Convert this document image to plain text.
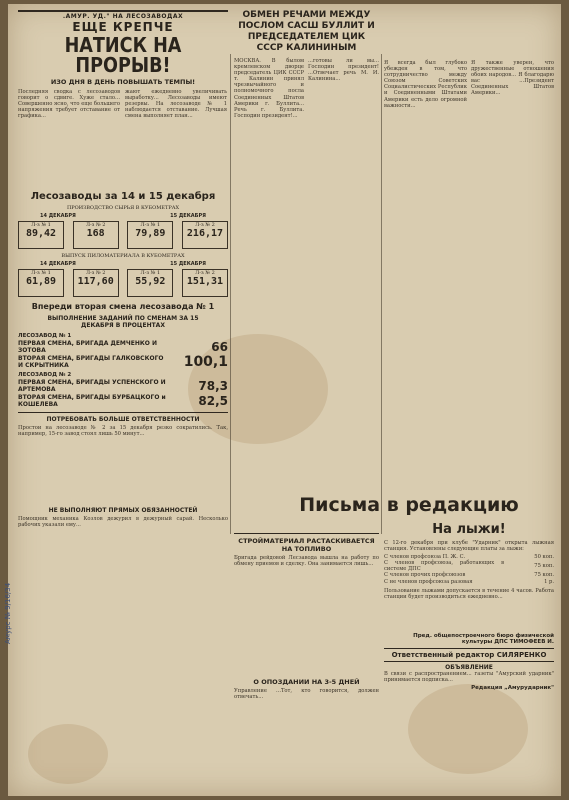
Амурс № 9/16/34
.АМУР. УД." НА ЛЕСОЗАВОДАХ
ЕЩЕ КРЕПЧЕ
НАТИСК НА ПРОРЫВ!
ИЗО ДНЯ В ДЕНЬ ПОВЫШАТЬ ТЕМПЫ!
Последняя сводка с лесозаводов говорит о сдвиге. Хуже стало... Совершенно ясно, что еще большего напряжения требует отставание от графика...
жают ежедневно увеличивать выработку... Лесозаводы имеют резервы. На лесозаводе № 1 наблюдается отставание. Лучшая смена выполняет план...
Лесозаводы за 14 и 15 декабря
ПРОИЗВОДСТВО СЫРЬЯ В КУБОМЕТРАХ
14 ДЕКАБРЯ	15 ДЕКАБРЯ
Л-з № 1
89,42
Л-з № 2
168
Л-з № 1
79,89
Л-з № 2
216,17
ВЫПУСК ПИЛОМАТЕРИАЛА В КУБОМЕТРАХ
14 ДЕКАБРЯ	15 ДЕКАБРЯ
Л-з № 1
61,89
Л-з № 2
117,60
Л-з № 1
55,92
Л-з № 2
151,31
Впереди вторая смена лесозавода № 1
ВЫПОЛНЕНИЕ ЗАДАНИЙ ПО СМЕНАМ ЗА 15 ДЕКАБРЯ В ПРОЦЕНТАХ
ЛЕСОЗАВОД № 1
ПЕРВАЯ СМЕНА, БРИГАДА ДЕМЧЕНКО И ЗОТОВА	66
ВТОРАЯ СМЕНА, БРИГАДЫ ГАЛКОВСКОГО И СКРЫТНИКА	100,1
ЛЕСОЗАВОД № 2
ПЕРВАЯ СМЕНА, БРИГАДЫ УСПЕНСКОГО И АРТЕМОВА	78,3
ВТОРАЯ СМЕНА, БРИГАДЫ БУРБАЦКОГО и КОШЕЛЕВА	82,5
ПОТРЕБОВАТЬ БОЛЬШЕ ОТВЕТСТВЕННОСТИ
Простои на лесозаводе № 2 за 15 декабря резко сократились. Так, например, 15-го завод стоял лишь 50 минут...
НЕ ВЫПОЛНЯЮТ ПРЯМЫХ ОБЯЗАННОСТЕЙ
Помощник механика Козлов дежурил в дежурный сарай. Несколько рабочих указали ему...
ОБМЕН РЕЧАМИ МЕЖДУ ПОСЛОМ САСШ БУЛЛИТ И ПРЕДСЕДАТЕЛЕМ ЦИК СССР КАЛИНИНЫМ
МОСКВА. В былом кремлевском дворце председатель ЦИК СССР т. Калинин принял чрезвычайного и полномочного посла Соединенных Штатов Америки г. Буллита... Речь г. Буллита. Господин президент!...
...готовы ли вы... Господин президент! ...Отвечает речь М. И. Калинина...
СТРОЙМАТЕРИАЛ РАСТАСКИВАЕТСЯ НА ТОПЛИВО
Бригада рейдовой Лесзавода вышла на работу по обмену приемов и сделку. Она занимается лишь...
О ОПОЗДАНИИ НА 3-5 ДНЕЙ
Управление ...Тот, кто говорится, должен отвечать...
Я всегда был глубоко убежден в том, что сотрудничество между Союзом Советских Социалистических Республик и Соединенными Штатами Америки есть дело огромной важности...
Я также уверен, что дружественные отношения обоих народов... Я благодарю вас ...Президент Соединенных Штатов Америки...
Письма в редакцию
На лыжи!
С 12-го декабря при клубе "Ударник" открыта лыжная станция. Установлены следующие платы за лыжи:
С членов профсоюза П. Ж. С.	50 коп.
С членов профсоюза, работающих в системе ДПС
75 коп.
С членов прочих профсоюзов	75 коп.
С не членов профсоюза разовая	1 р.
Пользование лыжами допускается в течение 4 часов. Работа станции будет производиться ежедневно...
Пред. общепостроечного бюро физической культуры ДПС ТИМОФЕЕВ И.
Ответственный редактор СИЛЯРЕНКО
ОБЪЯВЛЕНИЕ
В связи с распространением... газеты "Амурский ударник" принимается подписка...
Редакция „Амурударник"
